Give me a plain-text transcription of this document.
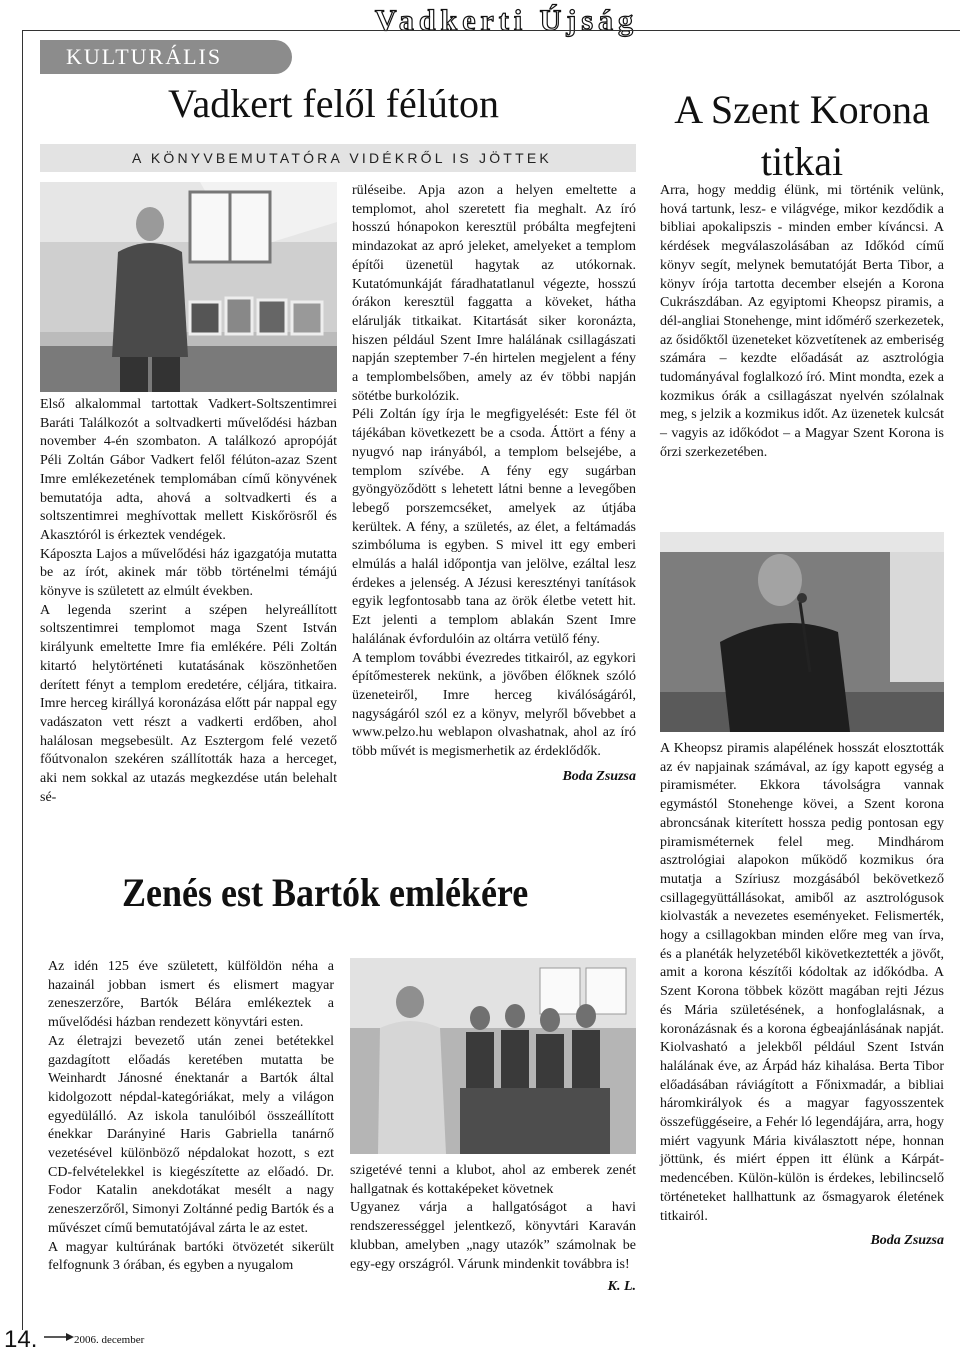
Vadkerti Újság
KULTURÁLIS
Vadkert felől félúton
A KÖNYVBEMUTATÓRA VIDÉKRŐL IS JÖTTEK

Első alkalommal tartottak Vadkert-Soltszentimrei Baráti Találkozót a soltvadkerti művelődési házban november 4-én szombaton. A találkozó apropóját Péli Zoltán Gábor Vadkert felől félúton-azaz Szent Imre emlékezetének templomában című könyvének bemutatója adta, ahová a soltvadkerti és a soltszentimrei meghívottak mellett Kiskőrösről és Akasztóról is érkeztek vendégek.

Káposzta Lajos a művelődési ház igazgatója mutatta be az írót, akinek már több történelmi témájú könyve is született az elmúlt években.

A legenda szerint a szépen helyreállított soltszentimrei templomot maga Szent István királyunk emeltette Imre fia emlékére. Péli Zoltán kitartó helytörténeti kutatásának köszönhetően derített fényt a templom eredetére, céljára, titkaira. Imre herceg királlyá koronázása előtt pár nappal egy vadászaton vett részt a vadkerti erdőben, ahol halálosan megsebesült. Az Esztergom felé vezető főútvonalon szekéren szállították haza a herceget, aki nem sokkal az utazás megkezdése után belehalt sé-

rüléseibe. Apja azon a helyen emeltette a templomot, ahol szeretett fia meghalt. Az író hosszú hónapokon keresztül próbálta megfejteni mindazokat az apró jeleket, amelyeket a templom építői üzenetül hagytak az utókornak. Kutatómunkáját fáradhatatlanul végezte, hosszú órákon keresztül faggatta a köveket, hátha elárulják titkaikat. Kitartását siker koronázta, hiszen például Szent Imre halálának csillagászati napján szeptember 7-én hirtelen megjelent a fény a templombelsőben, amely az év többi napján sötétbe burkolózik.

Péli Zoltán így írja le megfigyelését: Este fél öt tájékában következett be a csoda. Áttört a fény a nyugvó nap irányából, a templom belsejébe, a templom szívébe. A fény egy sugárban gyöngyöződött s lehetett látni benne a levegőben lebegő porszemcséket, amelyek az útjába kerültek. A fény, a születés, az élet, a feltámadás szimbóluma is egyben. S mivel itt egy emberi elmúlás a halál időpontja van jelölve, ezáltal lesz érdekes a jelenség. A Jézusi keresztényi tanítások egyik legfontosabb tana az örök életbe vetett hit. Ezt jelenti a templom ablakán Szent Imre halálának évfordulóin az oltárra vetülő fény.

A templom további évezredes titkairól, az egykori építőmesterek nekünk, a jövőben élőknek szóló üzeneteiről, Imre herceg kiválóságáról, nagyságáról szól ez a könyv, melyről bővebbet a www.pelzo.hu weblapon olvashatnak, ahol az író több művét is megismerhetik az érdeklődők.

Boda Zsuzsa

A Szent Korona titkai

Arra, hogy meddig élünk, mi történik velünk, hová tartunk, lesz- e világvége, mikor kezdődik a bibliai apokalipszis - minden ember kíváncsi. A kérdések megválaszolásában az Időkód című könyv segít, melynek bemutatóját Berta Tibor, a könyv írója tartotta december elsején a Korona Cukrászdában. Az egyiptomi Kheopsz piramis, a dél-angliai Stonehenge, mint időmérő szerkezetek, az ősidőktől üzeneteket közvetítenek az emberiség számára – kezdte előadását az asztrológia tudományával foglalkozó író. Mint mondta, ezek a kozmikus órák a csillagászat nyelvén szólalnak meg, s jelzik a kozmikus időt. Az üzenetek kulcsát – vagyis az időkódot – a Magyar Szent Korona is őrzi szerkezetében.

A Kheopsz piramis alapélének hosszát elosztották az év napjainak számával, az így kapott egység a piramisméter. Ekkora távolságra vannak egymástól Stonehenge kövei, a Szent korona abroncsának kiterített hossza pedig pontosan egy piramisméternek felel meg. Mindhárom asztrológiai alapokon működő kozmikus óra mutatja a Szíriusz mozgásából bekövetkező csillagegyüttállásokat, amiből az asztrológusok kiolvasták a nevezetes eseményeket. Felismerték, hogy a csillagokban minden előre meg van írva, és a planéták helyzetéből kikövetkeztették a jövőt, amit a korona készítői kódoltak az időkódba. A Szent Korona többek között magában rejti Jézus és Mária születésének, a honfoglalásnak, a koronázásnak és a korona égbeajánlásának napját. Kiolvasható a jelekből például Szent István halálának éve, az Árpád ház kihalása. Berta Tibor előadásában ráviágított a Főnixmadár, a bibliai háromkirályok és a magyar fagyosszentek összefüggéseire, a Fehér ló legendájára, arra, hogy miért vagyunk Mária kiválasztott népe, honnan jöttünk, és miért éppen itt élünk a Kárpát-medencében. Külön-külön is érdekes, lebilincselő történeteket hallhattunk az ősmagyarok életének titkairól.

Boda Zsuzsa

Zenés est Bartók emlékére

Az idén 125 éve született, külföldön néha a hazainál jobban ismert és elismert magyar zeneszerzőre, Bartók Bélára emlékeztek a művelődési házban rendezett könyvtári esten.

Az életrajzi bevezető után zenei betétekkel gazdagított előadás keretében mutatta be Weinhardt Jánosné énektanár a Bartók által kidolgozott népdal-kategóriákat, mely a világon egyedülálló. Az iskola tanulóiból összeállított énekkar Darányiné Haris Gabriella tanárnő vezetésével különböző népdalokat hozott, s ezt CD-felvételekkel is kiegészítette az előadó. Dr. Fodor Katalin anekdotákat mesélt a nagy zeneszerzőről, Simonyi Zoltánné pedig Bartók és a művészet című bemutatójával zárta le az estet.

A magyar kultúrának bartóki ötvözetét sikerült felfognunk 3 órában, és egyben a nyugalom

szigetévé tenni a klubot, ahol az emberek zenét hallgatnak és kottaképeket követnek

Ugyanez várja a hallgatóságot a havi rendszerességgel jelentkező, könyvtári Karaván klubban, amelyben „nagy utazók” számolnak be egy-egy országról. Várunk mindenkit továbbra is!

K. L.

14.	2006. december
